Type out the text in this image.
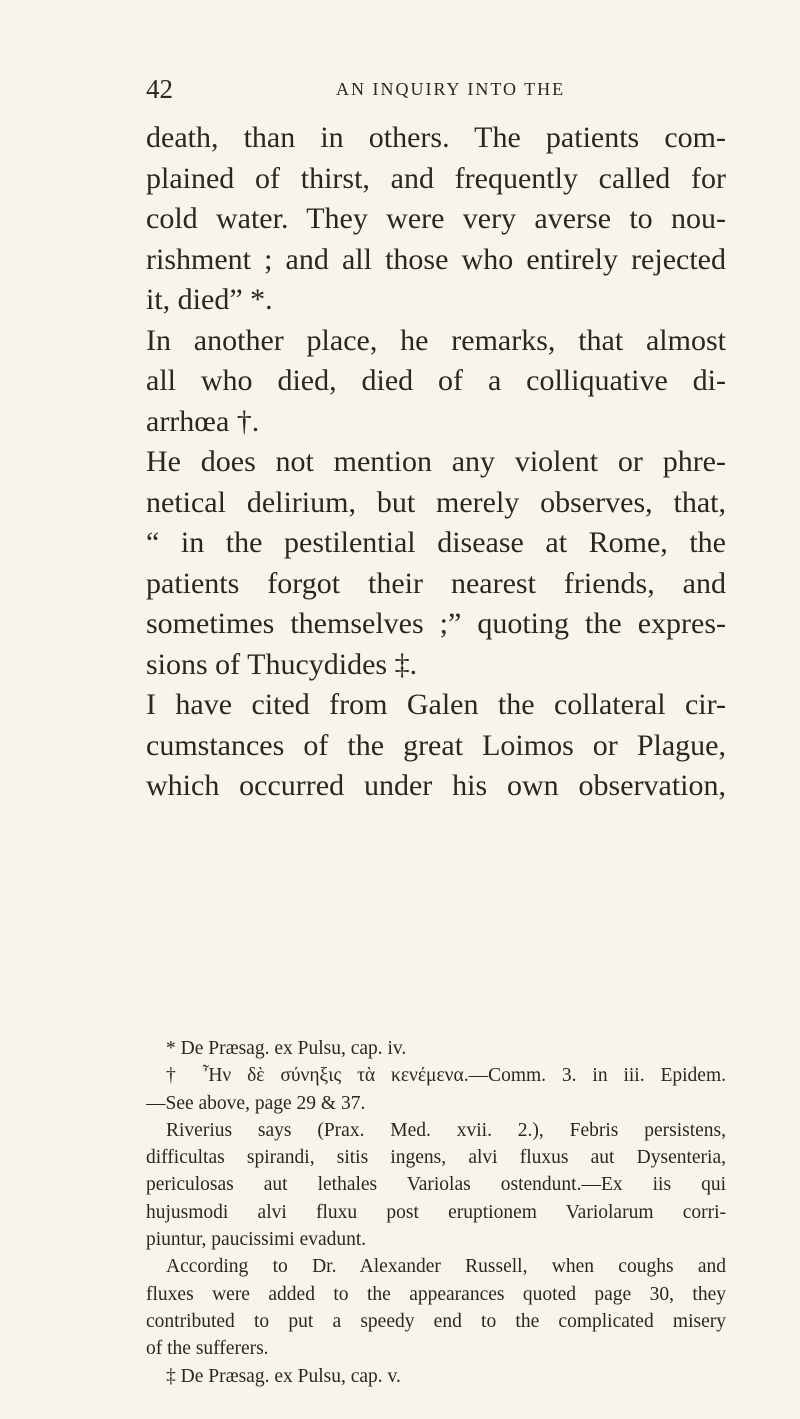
42	AN INQUIRY INTO THE
death, than in others. The patients com-
plained of thirst, and frequently called for
cold water. They were very averse to nou-
rishment ; and all those who entirely rejected
it, died” *.
In another place, he remarks, that almost
all who died, died of a colliquative di-
arrhœa †.
He does not mention any violent or phre-
netical delirium, but merely observes, that,
“ in the pestilential disease at Rome, the
patients forgot their nearest friends, and
sometimes themselves ;” quoting the expres-
sions of Thucydides ‡.
I have cited from Galen the collateral cir-
cumstances of the great Loimos or Plague,
which occurred under his own observation,
* De Præsag. ex Pulsu, cap. iv.
† Ἦν δὲ σύνηξις τὰ κενέμενα.—Comm. 3. in iii. Epidem.
—See above, page 29 & 37.
Riverius says (Prax. Med. xvii. 2.), Febris persistens,
difficultas spirandi, sitis ingens, alvi fluxus aut Dysenteria,
periculosas aut lethales Variolas ostendunt.—Ex iis qui
hujusmodi alvi fluxu post eruptionem Variolarum corri-
piuntur, paucissimi evadunt.
According to Dr. Alexander Russell, when coughs and
fluxes were added to the appearances quoted page 30, they
contributed to put a speedy end to the complicated misery
of the sufferers.
‡ De Præsag. ex Pulsu, cap. v.
